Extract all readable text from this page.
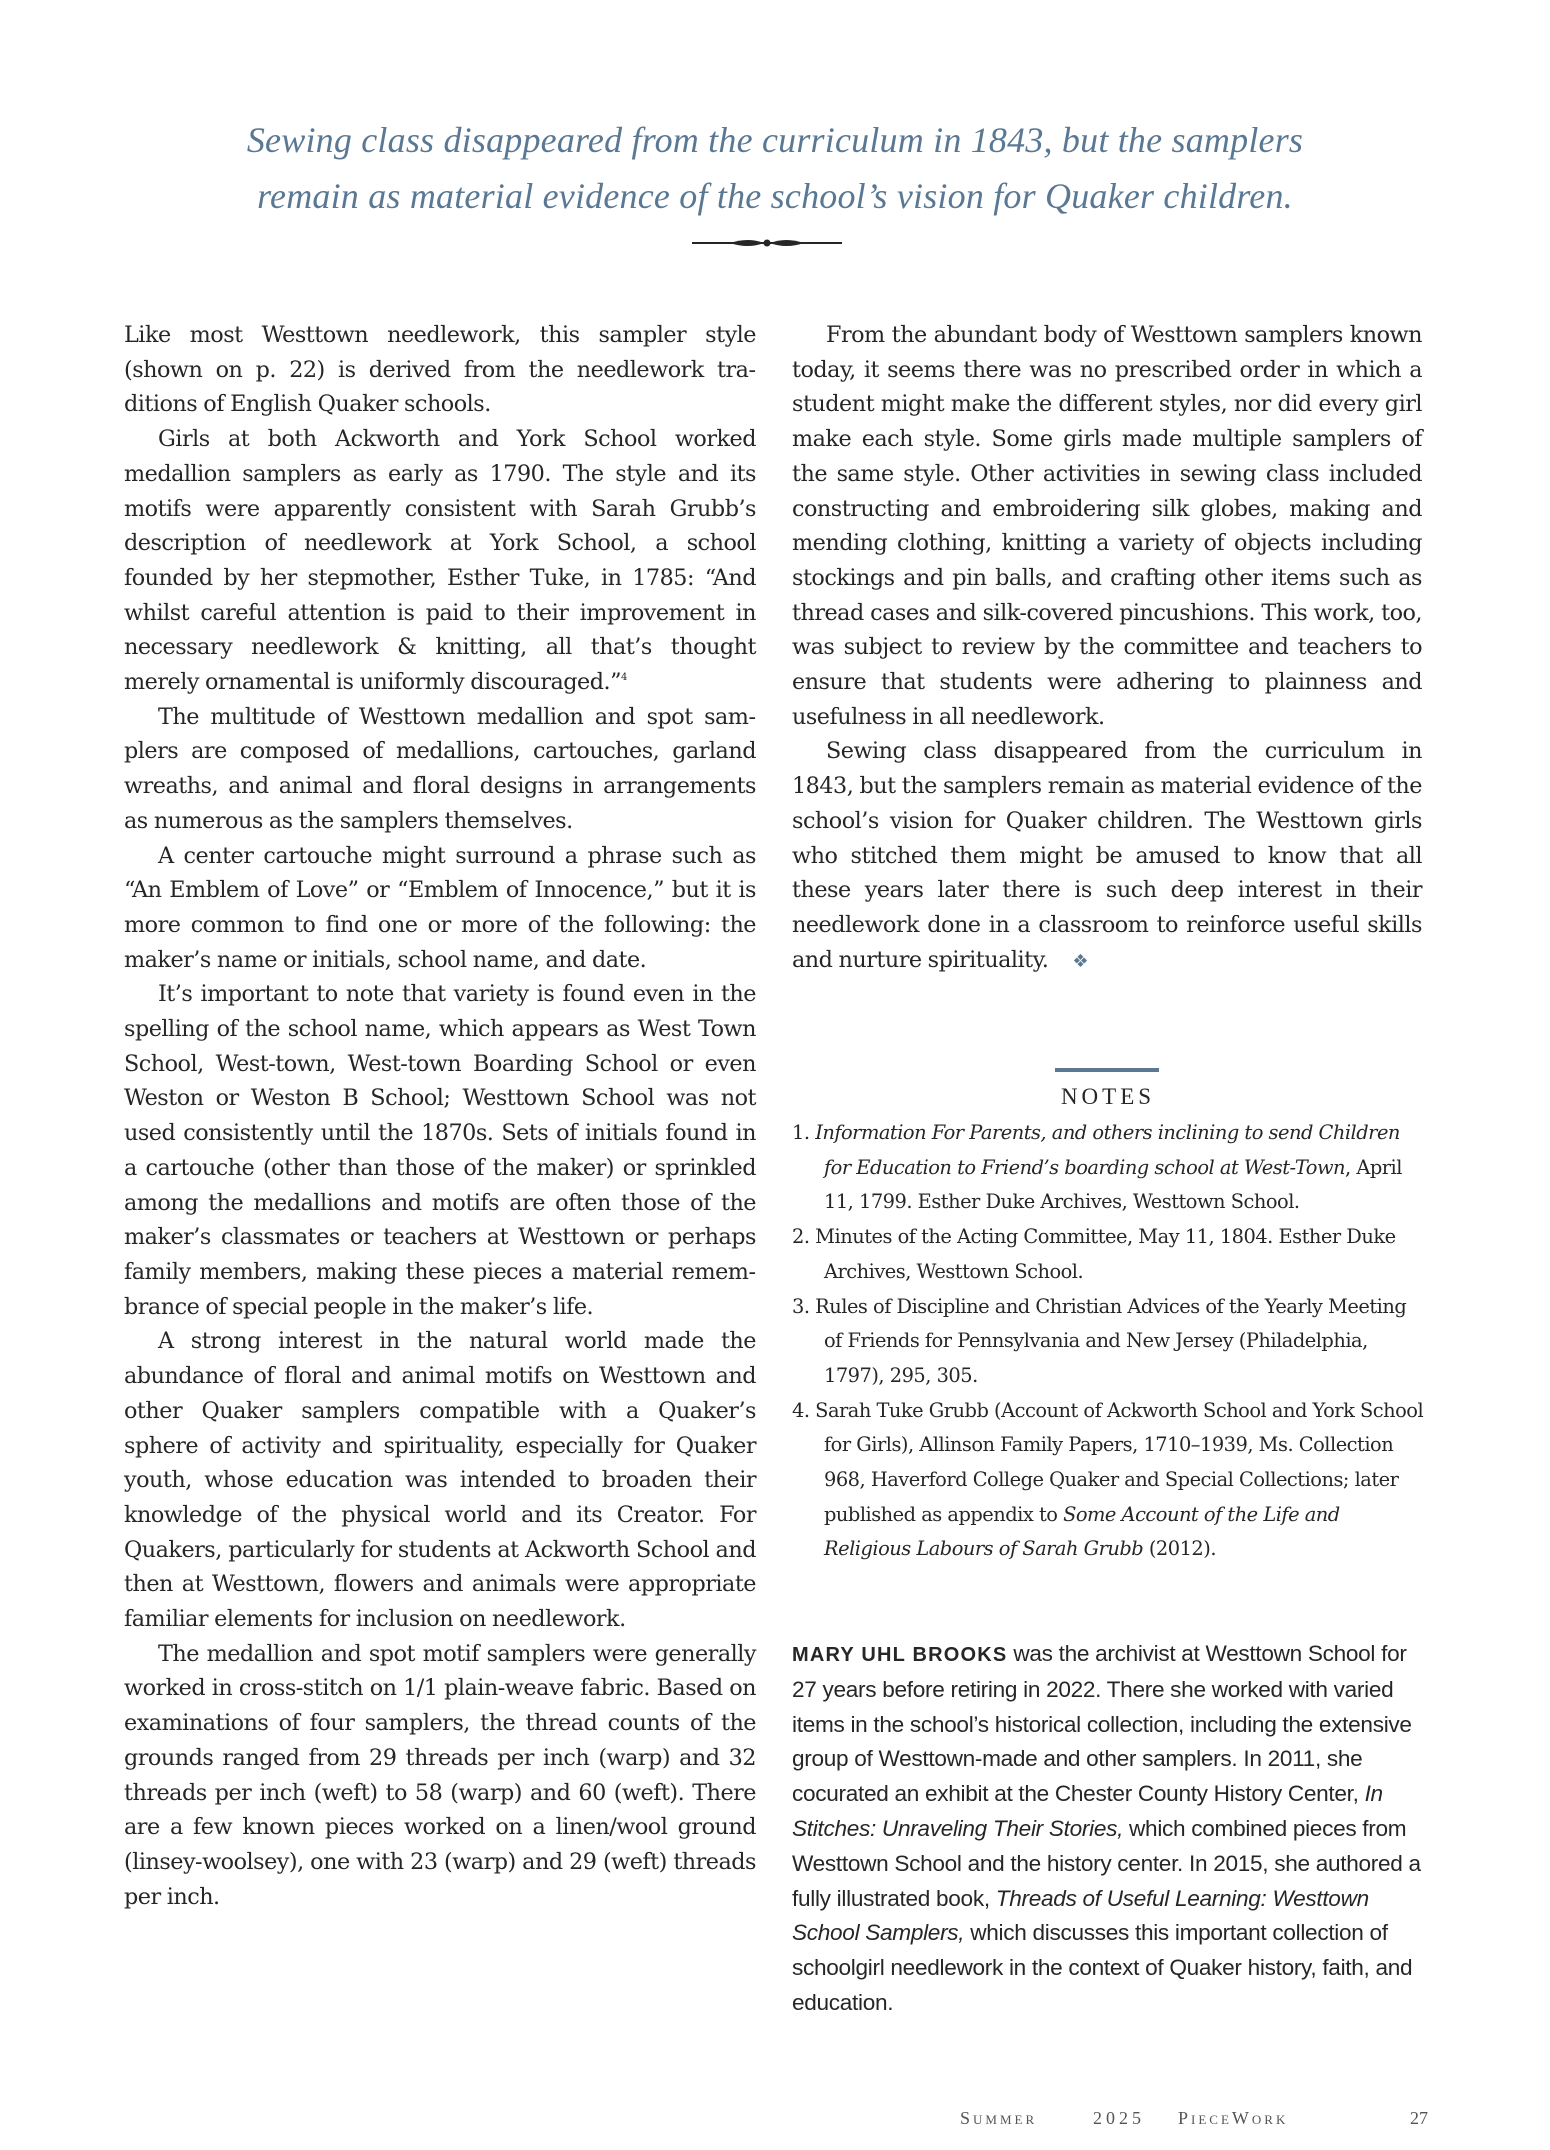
Sewing class disappeared from the curriculum in 1843, but the samplers
remain as material evidence of the school’s vision for Quaker children.

Like most Westtown needlework, this sampler style (shown on p. 22) is derived from the needlework traditions of English Quaker schools.

Girls at both Ackworth and York School worked medallion samplers as early as 1790. The style and its motifs were apparently consistent with Sarah Grubb’s description of needlework at York School, a school founded by her stepmother, Esther Tuke, in 1785: “And whilst careful attention is paid to their improvement in necessary needlework & knitting, all that’s thought merely ornamental is uniformly discouraged.”$^4$

The multitude of Westtown medallion and spot samplers are composed of medallions, cartouches, garland wreaths, and animal and floral designs in arrangements as numerous as the samplers themselves.

A center cartouche might surround a phrase such as “An Emblem of Love” or “Emblem of Innocence,” but it is more common to find one or more of the following: the maker’s name or initials, school name, and date.

It’s important to note that variety is found even in the spelling of the school name, which appears as West Town School, West-town, West-town Boarding School or even Weston or Weston B School; Westtown School was not used consistently until the 1870s. Sets of initials found in a cartouche (other than those of the maker) or sprinkled among the medallions and motifs are often those of the maker’s classmates or teachers at Westtown or perhaps family members, making these pieces a material remembrance of special people in the maker’s life.

A strong interest in the natural world made the abundance of floral and animal motifs on Westtown and other Quaker samplers compatible with a Quaker’s sphere of activity and spirituality, especially for Quaker youth, whose education was intended to broaden their knowledge of the physical world and its Creator. For Quakers, particularly for students at Ackworth School and then at Westtown, flowers and animals were appropriate familiar elements for inclusion on needlework.

The medallion and spot motif samplers were generally worked in cross-stitch on 1/1 plain-weave fabric. Based on examinations of four samplers, the thread counts of the grounds ranged from 29 threads per inch (warp) and 32 threads per inch (weft) to 58 (warp) and 60 (weft). There are a few known pieces worked on a linen/wool ground (linsey-woolsey), one with 23 (warp) and 29 (weft) threads per inch.

From the abundant body of Westtown samplers known today, it seems there was no prescribed order in which a student might make the different styles, nor did every girl make each style. Some girls made multiple samplers of the same style. Other activities in sewing class included constructing and embroidering silk globes, making and mending clothing, knitting a variety of objects including stockings and pin balls, and crafting other items such as thread cases and silk-covered pincushions. This work, too, was subject to review by the committee and teachers to ensure that students were adhering to plainness and usefulness in all needlework.

Sewing class disappeared from the curriculum in 1843, but the samplers remain as material evidence of the school’s vision for Quaker children. The Westtown girls who stitched them might be amused to know that all these years later there is such deep interest in their needlework done in a classroom to reinforce useful skills and nurture spirituality. ❖

NOTES

1. Information For Parents, and others inclining to send Children for Education to Friend’s boarding school at West-Town, April 11, 1799. Esther Duke Archives, Westtown School.

2. Minutes of the Acting Committee, May 11, 1804. Esther Duke Archives, Westtown School.

3. Rules of Discipline and Christian Advices of the Yearly Meeting of Friends for Pennsylvania and New Jersey (Philadelphia, 1797), 295, 305.

4. Sarah Tuke Grubb (Account of Ackworth School and York School for Girls), Allinson Family Papers, 1710–1939, Ms. Collection 968, Haverford College Quaker and Special Collections; later published as appendix to Some Account of the Life and Religious Labours of Sarah Grubb (2012).

MARY UHL BROOKS was the archivist at Westtown School for 27 years before retiring in 2022. There she worked with varied items in the school’s historical collection, including the extensive group of Westtown-made and other samplers. In 2011, she cocurated an exhibit at the Chester County History Center, In Stitches: Unraveling Their Stories, which combined pieces from Westtown School and the history center. In 2015, she authored a fully illustrated book, Threads of Useful Learning: Westtown School Samplers, which discusses this important collection of schoolgirl needlework in the context of Quaker history, faith, and education.
Summer	2025 PieceWork	27
